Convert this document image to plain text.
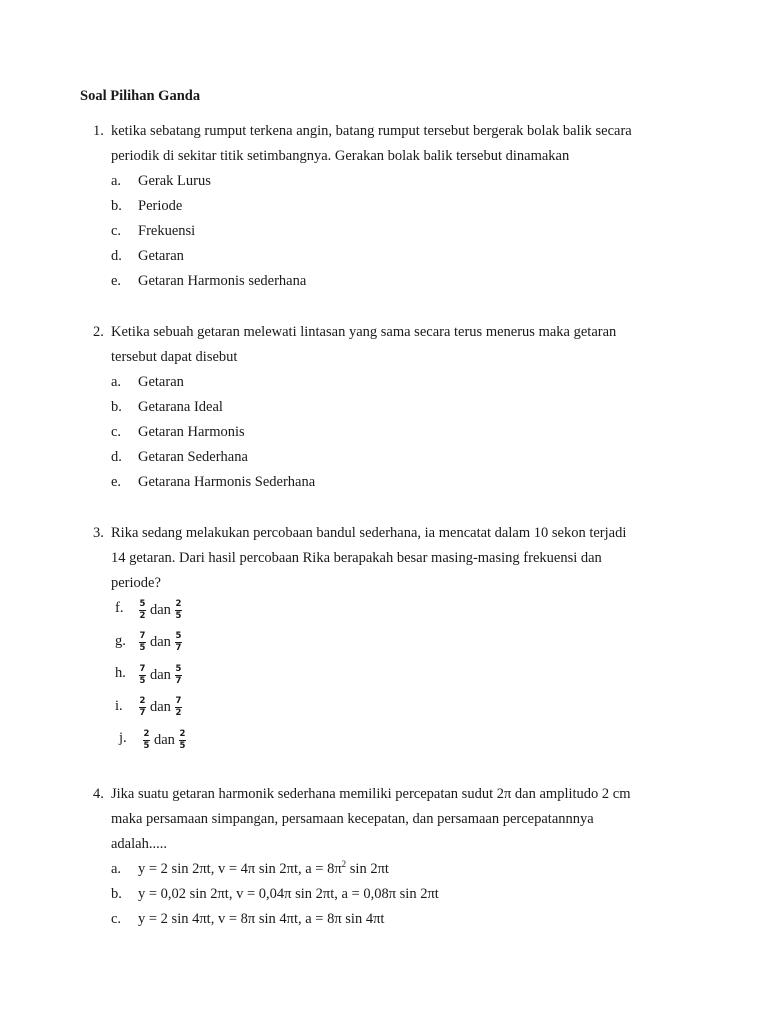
Soal Pilihan Ganda
1. ketika sebatang rumput terkena angin, batang rumput tersebut bergerak bolak balik secara
periodik di sekitar titik setimbangnya. Gerakan bolak balik tersebut dinamakan
a. Gerak Lurus
b. Periode
c. Frekuensi
d. Getaran
e. Getaran Harmonis sederhana
2. Ketika sebuah getaran melewati lintasan yang sama secara terus menerus maka getaran
tersebut dapat disebut
a. Getaran
b. Getarana Ideal
c. Getaran Harmonis
d. Getaran Sederhana
e. Getarana Harmonis Sederhana
3. Rika sedang melakukan percobaan bandul sederhana, ia mencatat dalam 10 sekon terjadi
14 getaran. Dari hasil percobaan Rika berapakah besar masing-masing frekuensi dan
periode?
f. $\frac{5}{2}$ dan $\frac{2}{5}$
g. $\frac{7}{5}$ dan $\frac{5}{7}$
h. $\frac{7}{5}$ dan $\frac{5}{7}$
i. $\frac{2}{7}$ dan $\frac{7}{2}$
j. $\frac{2}{5}$ dan $\frac{2}{5}$
4. Jika suatu getaran harmonik sederhana memiliki percepatan sudut 2π dan amplitudo 2 cm
maka persamaan simpangan, persamaan kecepatan, dan persamaan percepatannnya
adalah.....
a. y = 2 sin 2πt, v = 4π sin 2πt, $a = 8\pi^2$ sin 2πt
b. y = 0,02 sin 2πt, v = 0,04π sin 2πt, a = 0,08π sin 2πt
c. y = 2 sin 4πt, v = 8π sin 4πt, a = 8π sin 4πt
